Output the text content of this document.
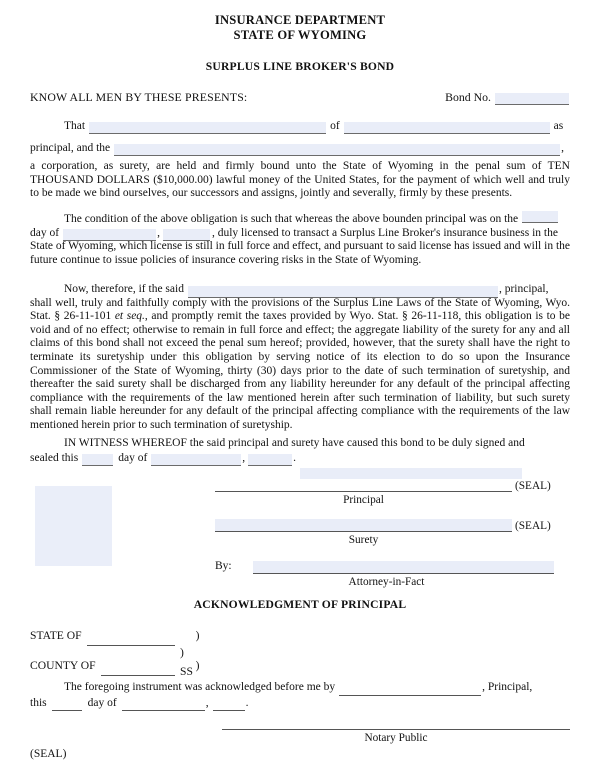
INSURANCE DEPARTMENT
STATE OF WYOMING
SURPLUS LINE BROKER'S BOND
KNOW ALL MEN BY THESE PRESENTS:	Bond No.
That	of	as
principal, and the	,

a corporation, as surety, are held and firmly bound unto the State of Wyoming in the penal sum of TEN THOUSAND DOLLARS ($10,000.00) lawful money of the United States, for the payment of which well and truly to be made we bind ourselves, our successors and assigns, jointly and severally, firmly by these presents.

The condition of the above obligation is such that whereas the above bounden principal was on the

day of	,	, duly licensed to transact a Surplus Line Broker's insurance business in the

State of Wyoming, which license is still in full force and effect, and pursuant to said license has issued and will in the future continue to issue policies of insurance covering risks in the State of Wyoming.

Now, therefore, if the said	, principal,

shall well, truly and faithfully comply with the provisions of the Surplus Line Laws of the State of Wyoming, Wyo. Stat. § 26-11-101 et seq., and promptly remit the taxes provided by Wyo. Stat. § 26-11-118, this obligation is to be void and of no effect; otherwise to remain in full force and effect; the aggregate liability of the surety for any and all claims of this bond shall not exceed the penal sum hereof; provided, however, that the surety shall have the right to terminate its suretyship under this obligation by serving notice of its election to do so upon the Insurance Commissioner of the State of Wyoming, thirty (30) days prior to the date of such termination of suretyship, and thereafter the said surety shall be discharged from any liability hereunder for any default of the principal affecting compliance with the requirements of the law mentioned herein after such termination of liability, but such surety shall remain liable hereunder for any default of the principal affecting compliance with the requirements of the law mentioned herein prior to such termination of suretyship.

IN WITNESS WHEREOF the said principal and surety have caused this bond to be duly signed and

sealed this	day of	,	.
(SEAL)
Principal
(SEAL)
Surety
By:
Attorney-in-Fact
ACKNOWLEDGMENT OF PRINCIPAL
STATE OF	)
) SS
COUNTY OF	)
The foregoing instrument was acknowledged before me by	, Principal,
this	day of	,	.
Notary Public
(SEAL)
